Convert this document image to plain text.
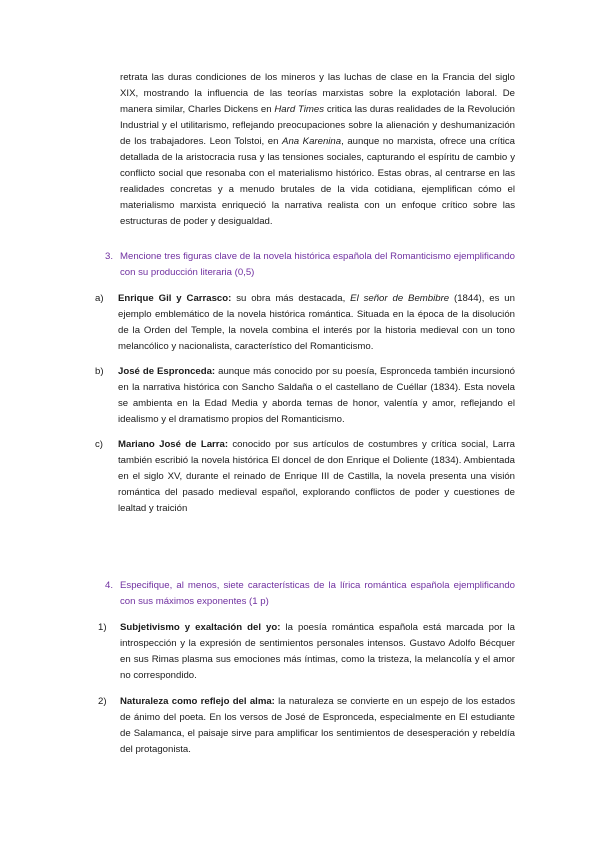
retrata las duras condiciones de los mineros y las luchas de clase en la Francia del siglo XIX, mostrando la influencia de las teorías marxistas sobre la explotación laboral. De manera similar, Charles Dickens en Hard Times critica las duras realidades de la Revolución Industrial y el utilitarismo, reflejando preocupaciones sobre la alienación y deshumanización de los trabajadores. Leon Tolstoi, en Ana Karenina, aunque no marxista, ofrece una crítica detallada de la aristocracia rusa y las tensiones sociales, capturando el espíritu de cambio y conflicto social que resonaba con el materialismo histórico. Estas obras, al centrarse en las realidades concretas y a menudo brutales de la vida cotidiana, ejemplifican cómo el materialismo marxista enriqueció la narrativa realista con un enfoque crítico sobre las estructuras de poder y desigualdad.

3. Mencione tres figuras clave de la novela histórica española del Romanticismo ejemplificando con su producción literaria (0,5)
a) Enrique Gil y Carrasco: su obra más destacada, El señor de Bembibre (1844), es un ejemplo emblemático de la novela histórica romántica. Situada en la época de la disolución de la Orden del Temple, la novela combina el interés por la historia medieval con un tono melancólico y nacionalista, característico del Romanticismo.
b) José de Espronceda: aunque más conocido por su poesía, Espronceda también incursionó en la narrativa histórica con Sancho Saldaña o el castellano de Cuéllar (1834). Esta novela se ambienta en la Edad Media y aborda temas de honor, valentía y amor, reflejando el idealismo y el dramatismo propios del Romanticismo.
c) Mariano José de Larra: conocido por sus artículos de costumbres y crítica social, Larra también escribió la novela histórica El doncel de don Enrique el Doliente (1834). Ambientada en el siglo XV, durante el reinado de Enrique III de Castilla, la novela presenta una visión romántica del pasado medieval español, explorando conflictos de poder y cuestiones de lealtad y traición
4. Especifique, al menos, siete características de la lírica romántica española ejemplificando con sus máximos exponentes (1 p)
1) Subjetivismo y exaltación del yo: la poesía romántica española está marcada por la introspección y la expresión de sentimientos personales intensos. Gustavo Adolfo Bécquer en sus Rimas plasma sus emociones más íntimas, como la tristeza, la melancolía y el amor no correspondido.
2) Naturaleza como reflejo del alma: la naturaleza se convierte en un espejo de los estados de ánimo del poeta. En los versos de José de Espronceda, especialmente en El estudiante de Salamanca, el paisaje sirve para amplificar los sentimientos de desesperación y rebeldía del protagonista.
